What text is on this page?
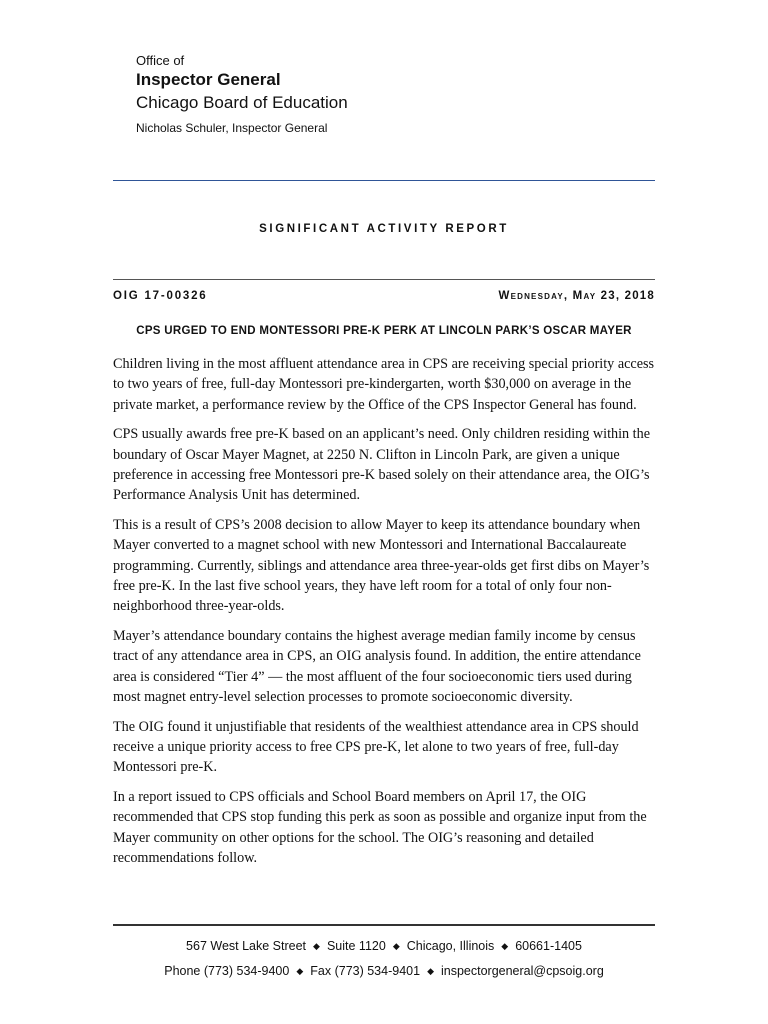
Office of
Inspector General
Chicago Board of Education
Nicholas Schuler, Inspector General
SIGNIFICANT ACTIVITY REPORT
OIG 17-00326	Wednesday, May 23, 2018
CPS URGED TO END MONTESSORI PRE-K PERK AT LINCOLN PARK’S OSCAR MAYER

Children living in the most affluent attendance area in CPS are receiving special priority access to two years of free, full-day Montessori pre-kindergarten, worth $30,000 on average in the private market, a performance review by the Office of the CPS Inspector General has found.

CPS usually awards free pre-K based on an applicant’s need. Only children residing within the boundary of Oscar Mayer Magnet, at 2250 N. Clifton in Lincoln Park, are given a unique preference in accessing free Montessori pre-K based solely on their attendance area, the OIG’s Performance Analysis Unit has determined.

This is a result of CPS’s 2008 decision to allow Mayer to keep its attendance boundary when Mayer converted to a magnet school with new Montessori and International Baccalaureate programming. Currently, siblings and attendance area three-year-olds get first dibs on Mayer’s free pre-K. In the last five school years, they have left room for a total of only four non-neighborhood three-year-olds.

Mayer’s attendance boundary contains the highest average median family income by census tract of any attendance area in CPS, an OIG analysis found. In addition, the entire attendance area is considered “Tier 4” — the most affluent of the four socioeconomic tiers used during most magnet entry-level selection processes to promote socioeconomic diversity.

The OIG found it unjustifiable that residents of the wealthiest attendance area in CPS should receive a unique priority access to free CPS pre-K, let alone to two years of free, full-day Montessori pre-K.

In a report issued to CPS officials and School Board members on April 17, the OIG recommended that CPS stop funding this perk as soon as possible and organize input from the Mayer community on other options for the school. The OIG’s reasoning and detailed recommendations follow.

567 West Lake Street ◆ Suite 1120 ◆ Chicago, Illinois ◆ 60661-1405
Phone (773) 534-9400 ◆ Fax (773) 534-9401 ◆ inspectorgeneral@cpsoig.org
